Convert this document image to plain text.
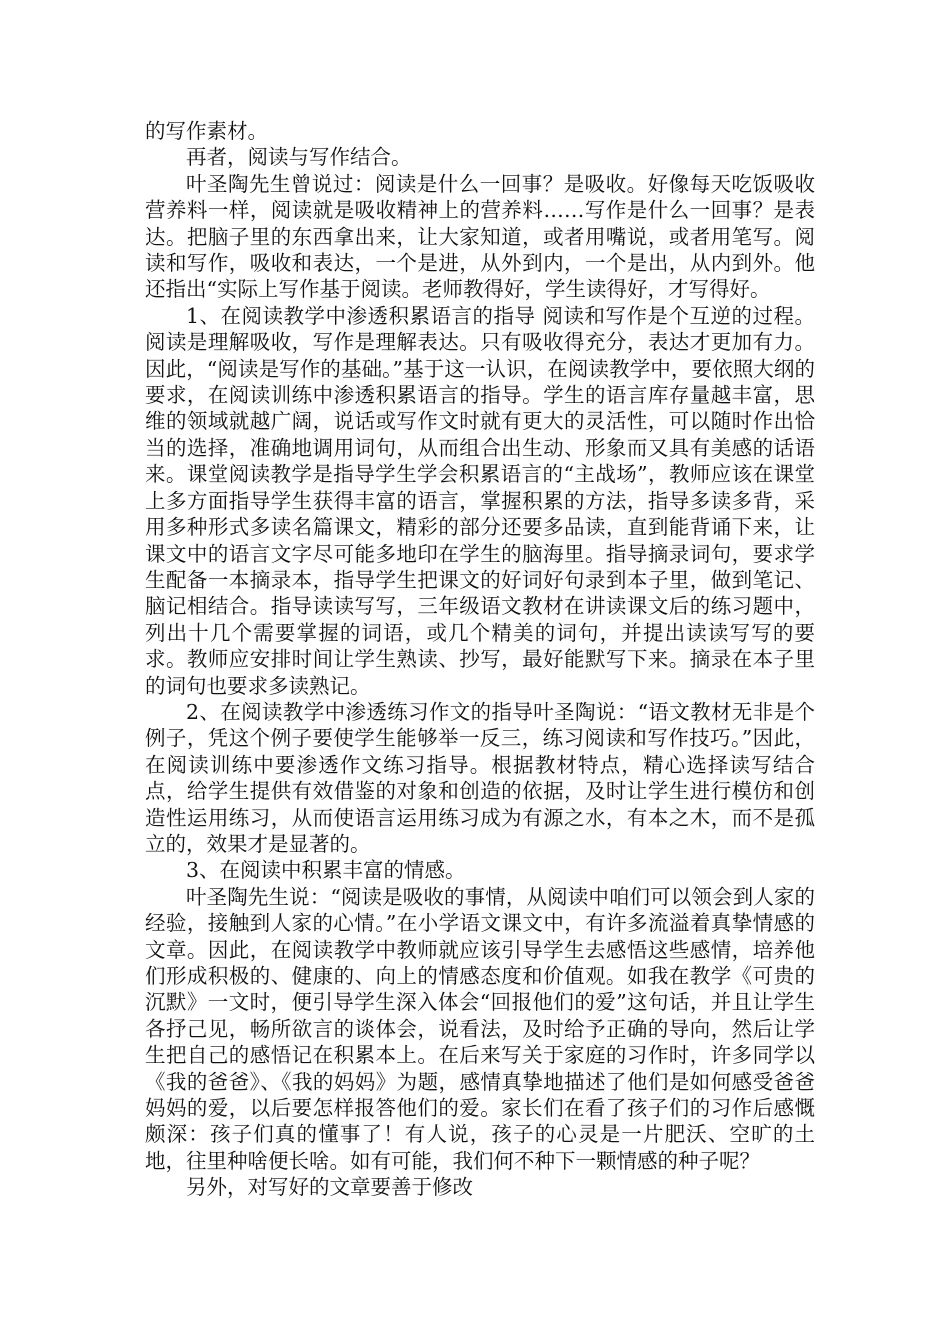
的写作素材。

再者，阅读与写作结合。

叶圣陶先生曾说过：阅读是什么一回事？是吸收。好像每天吃饭吸收营养料一样，阅读就是吸收精神上的营养料……写作是什么一回事？是表达。把脑子里的东西拿出来，让大家知道，或者用嘴说，或者用笔写。阅读和写作，吸收和表达，一个是进，从外到内，一个是出，从内到外。他还指出“实际上写作基于阅读。老师教得好，学生读得好，才写得好。

1、在阅读教学中渗透积累语言的指导 阅读和写作是个互逆的过程。阅读是理解吸收，写作是理解表达。只有吸收得充分，表达才更加有力。因此，“阅读是写作的基础。”基于这一认识，在阅读教学中，要依照大纲的要求，在阅读训练中渗透积累语言的指导。学生的语言库存量越丰富，思维的领域就越广阔，说话或写作文时就有更大的灵活性，可以随时作出恰当的选择，准确地调用词句，从而组合出生动、形象而又具有美感的话语来。课堂阅读教学是指导学生学会积累语言的“主战场”，教师应该在课堂上多方面指导学生获得丰富的语言，掌握积累的方法，指导多读多背，采用多种形式多读名篇课文，精彩的部分还要多品读，直到能背诵下来，让课文中的语言文字尽可能多地印在学生的脑海里。指导摘录词句，要求学生配备一本摘录本，指导学生把课文的好词好句录到本子里，做到笔记、脑记相结合。指导读读写写，三年级语文教材在讲读课文后的练习题中，列出十几个需要掌握的词语，或几个精美的词句，并提出读读写写的要求。教师应安排时间让学生熟读、抄写，最好能默写下来。摘录在本子里的词句也要求多读熟记。

2、在阅读教学中渗透练习作文的指导叶圣陶说：“语文教材无非是个例子，凭这个例子要使学生能够举一反三，练习阅读和写作技巧。”因此，在阅读训练中要渗透作文练习指导。根据教材特点，精心选择读写结合点，给学生提供有效借鉴的对象和创造的依据，及时让学生进行模仿和创造性运用练习，从而使语言运用练习成为有源之水，有本之木，而不是孤立的，效果才是显著的。

3、在阅读中积累丰富的情感。

叶圣陶先生说：“阅读是吸收的事情，从阅读中咱们可以领会到人家的经验，接触到人家的心情。”在小学语文课文中，有许多流溢着真挚情感的文章。因此，在阅读教学中教师就应该引导学生去感悟这些感情，培养他们形成积极的、健康的、向上的情感态度和价值观。如我在教学《可贵的沉默》一文时，便引导学生深入体会“回报他们的爱”这句话，并且让学生各抒己见，畅所欲言的谈体会，说看法，及时给予正确的导向，然后让学生把自己的感悟记在积累本上。在后来写关于家庭的习作时，许多同学以《我的爸爸》、《我的妈妈》为题，感情真挚地描述了他们是如何感受爸爸妈妈的爱，以后要怎样报答他们的爱。家长们在看了孩子们的习作后感慨颇深：孩子们真的懂事了！有人说，孩子的心灵是一片肥沃、空旷的土地，往里种啥便长啥。如有可能，我们何不种下一颗情感的种子呢？

另外，对写好的文章要善于修改
